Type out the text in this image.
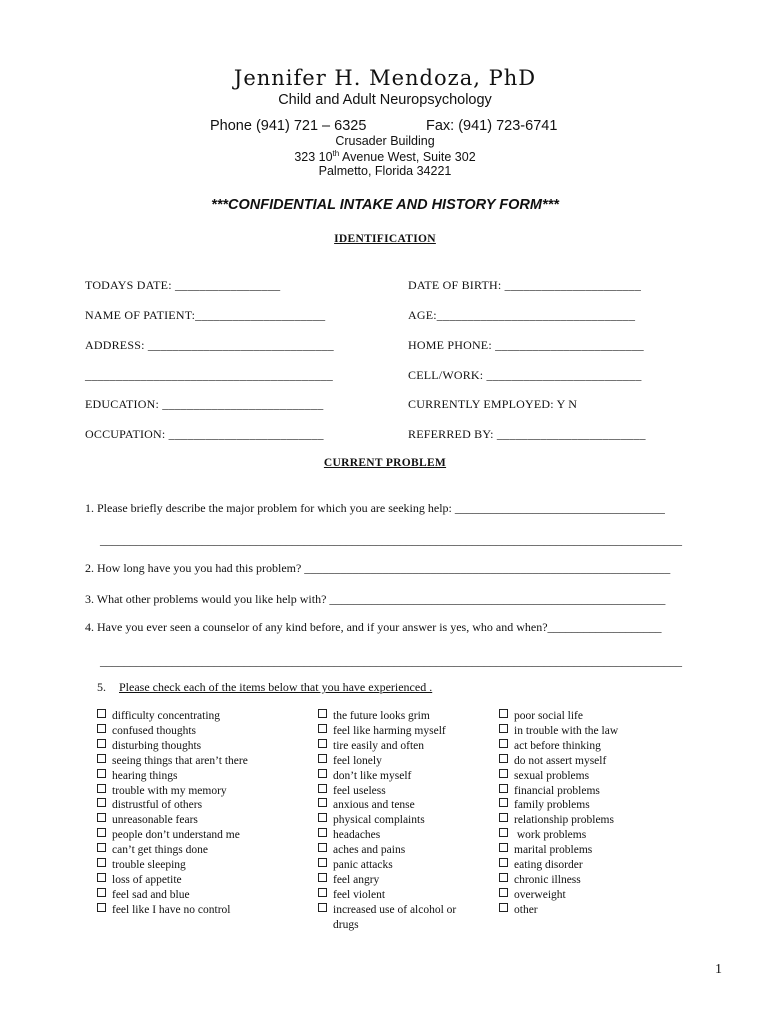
Jennifer H. Mendoza, PhD
Child and Adult Neuropsychology
Phone (941) 721 – 6325	Fax: (941) 723-6741
Crusader Building
323 10th Avenue West, Suite 302
Palmetto, Florida 34221
***CONFIDENTIAL INTAKE AND HISTORY FORM***
IDENTIFICATION
TODAYS DATE: _________________	DATE OF BIRTH: ______________________
NAME OF PATIENT:_____________________	AGE:________________________________
ADDRESS: ______________________________	HOME PHONE: ________________________
________________________________________	CELL/WORK: _________________________
EDUCATION: __________________________	CURRENTLY EMPLOYED: Y N
OCCUPATION: _________________________	REFERRED BY: ________________________
CURRENT PROBLEM
1. Please briefly describe the major problem for which you are seeking help: ___________________________________
_________________________________________________________________________________________________
2. How long have you you had this problem? _____________________________________________________________
3. What other problems would you like help with? ________________________________________________________
4. Have you ever seen a counselor of any kind before, and if your answer is yes, who and when?___________________
_________________________________________________________________________________________________
5. Please check each of the items below that you have experienced .
difficulty concentrating
confused thoughts
disturbing thoughts
seeing things that aren’t there
hearing things
trouble with my memory
distrustful of others
unreasonable fears
people don’t understand me
can’t get things done
trouble sleeping
loss of appetite
feel sad and blue
feel like I have no control
the future looks grim
feel like harming myself
tire easily and often
feel lonely
don’t like myself
feel useless
anxious and tense
physical complaints
headaches
aches and pains
panic attacks
feel angry
feel violent
increased use of alcohol or
drugs
poor social life
in trouble with the law
act before thinking
do not assert myself
sexual problems
financial problems
family problems
relationship problems
work problems
marital problems
eating disorder
chronic illness
overweight
other
1
